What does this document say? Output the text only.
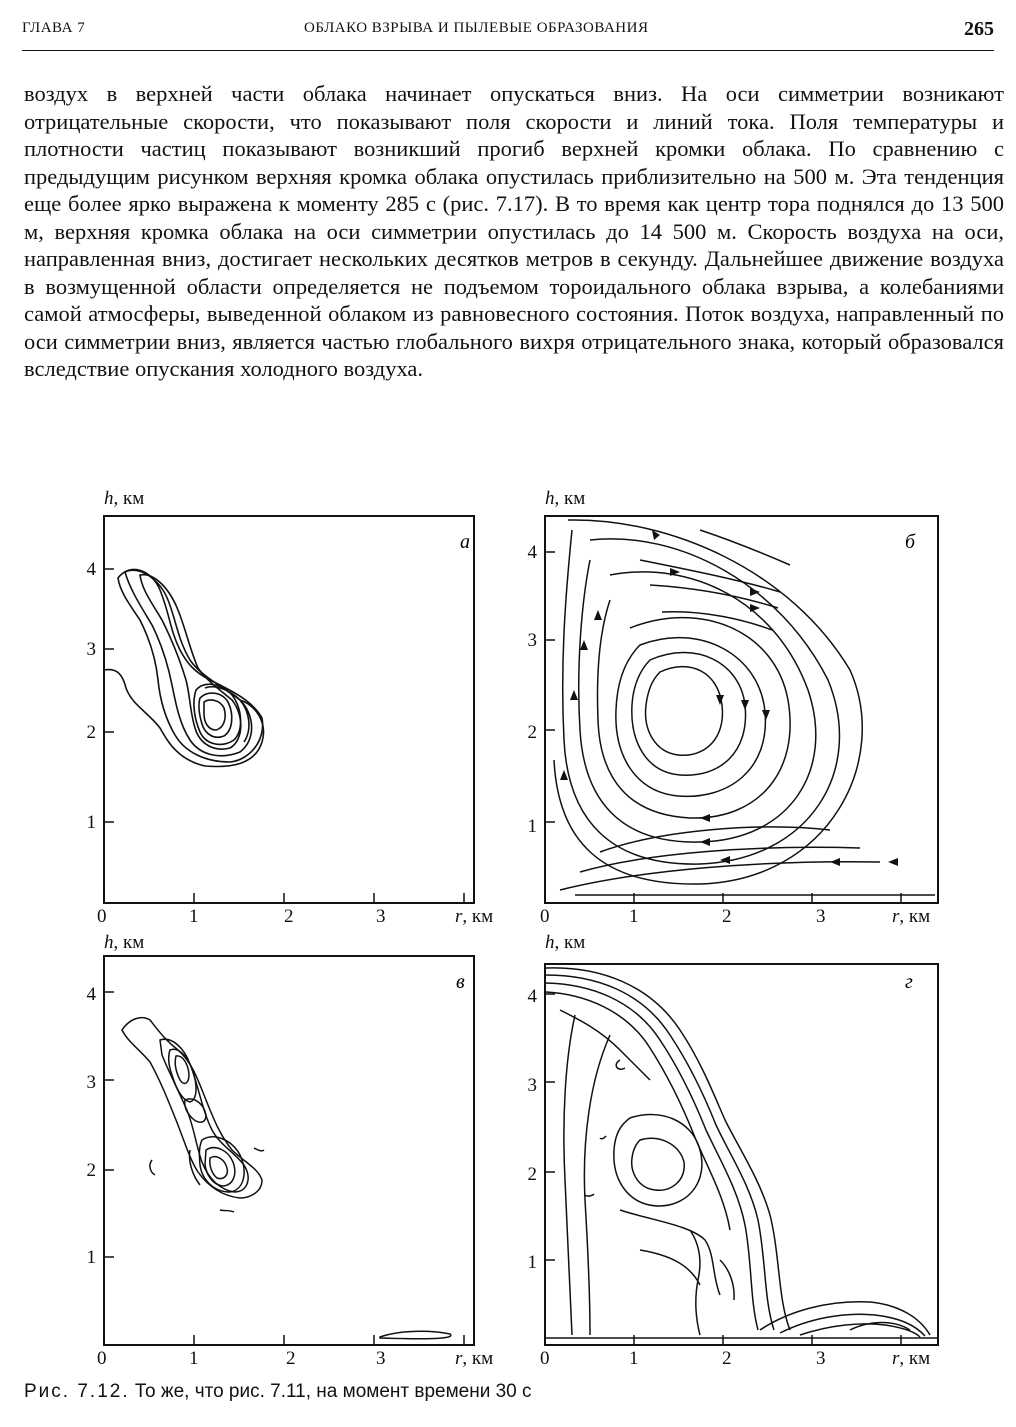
ГЛАВА 7	ОБЛАКО ВЗРЫВА И ПЫЛЕВЫЕ ОБРАЗОВАНИЯ	265

воздух в верхней части облака начинает опускаться вниз. На оси симметрии возникают отрицательные скорости, что показывают поля скорости и линий тока. Поля температуры и плотности частиц показывают возникший прогиб верхней кромки облака. По сравнению с предыдущим рисунком верхняя кромка облака опустилась приблизительно на 500 м. Эта тенденция еще более ярко выражена к моменту 285 с (рис. 7.17). В то время как центр тора поднялся до 13 500 м, верхняя кромка облака на оси симметрии опустилась до 14 500 м. Скорость воздуха на оси, направленная вниз, достигает нескольких десятков метров в секунду. Дальнейшее движение воздуха в возмущенной области определяется не подъемом тороидального облака взрыва, а колебаниями самой атмосферы, выведенной облаком из равновесного состояния. Поток воздуха, направленный по оси симметрии вниз, является частью глобального вихря отрицательного знака, который образовался вследствие опускания холодного воздуха.

а	б
в	г
h, км
r, км
0	1	2	3
1
2
3
4
h, км
r, км
0	1	2	3
1
2
3
4
h, км
r, км
0	1	2	3
1
2
3
4
h, км
r, км
0	1	2	3
1
2
3
4
Рис. 7.12. То же, что рис. 7.11, на момент времени 30 с
